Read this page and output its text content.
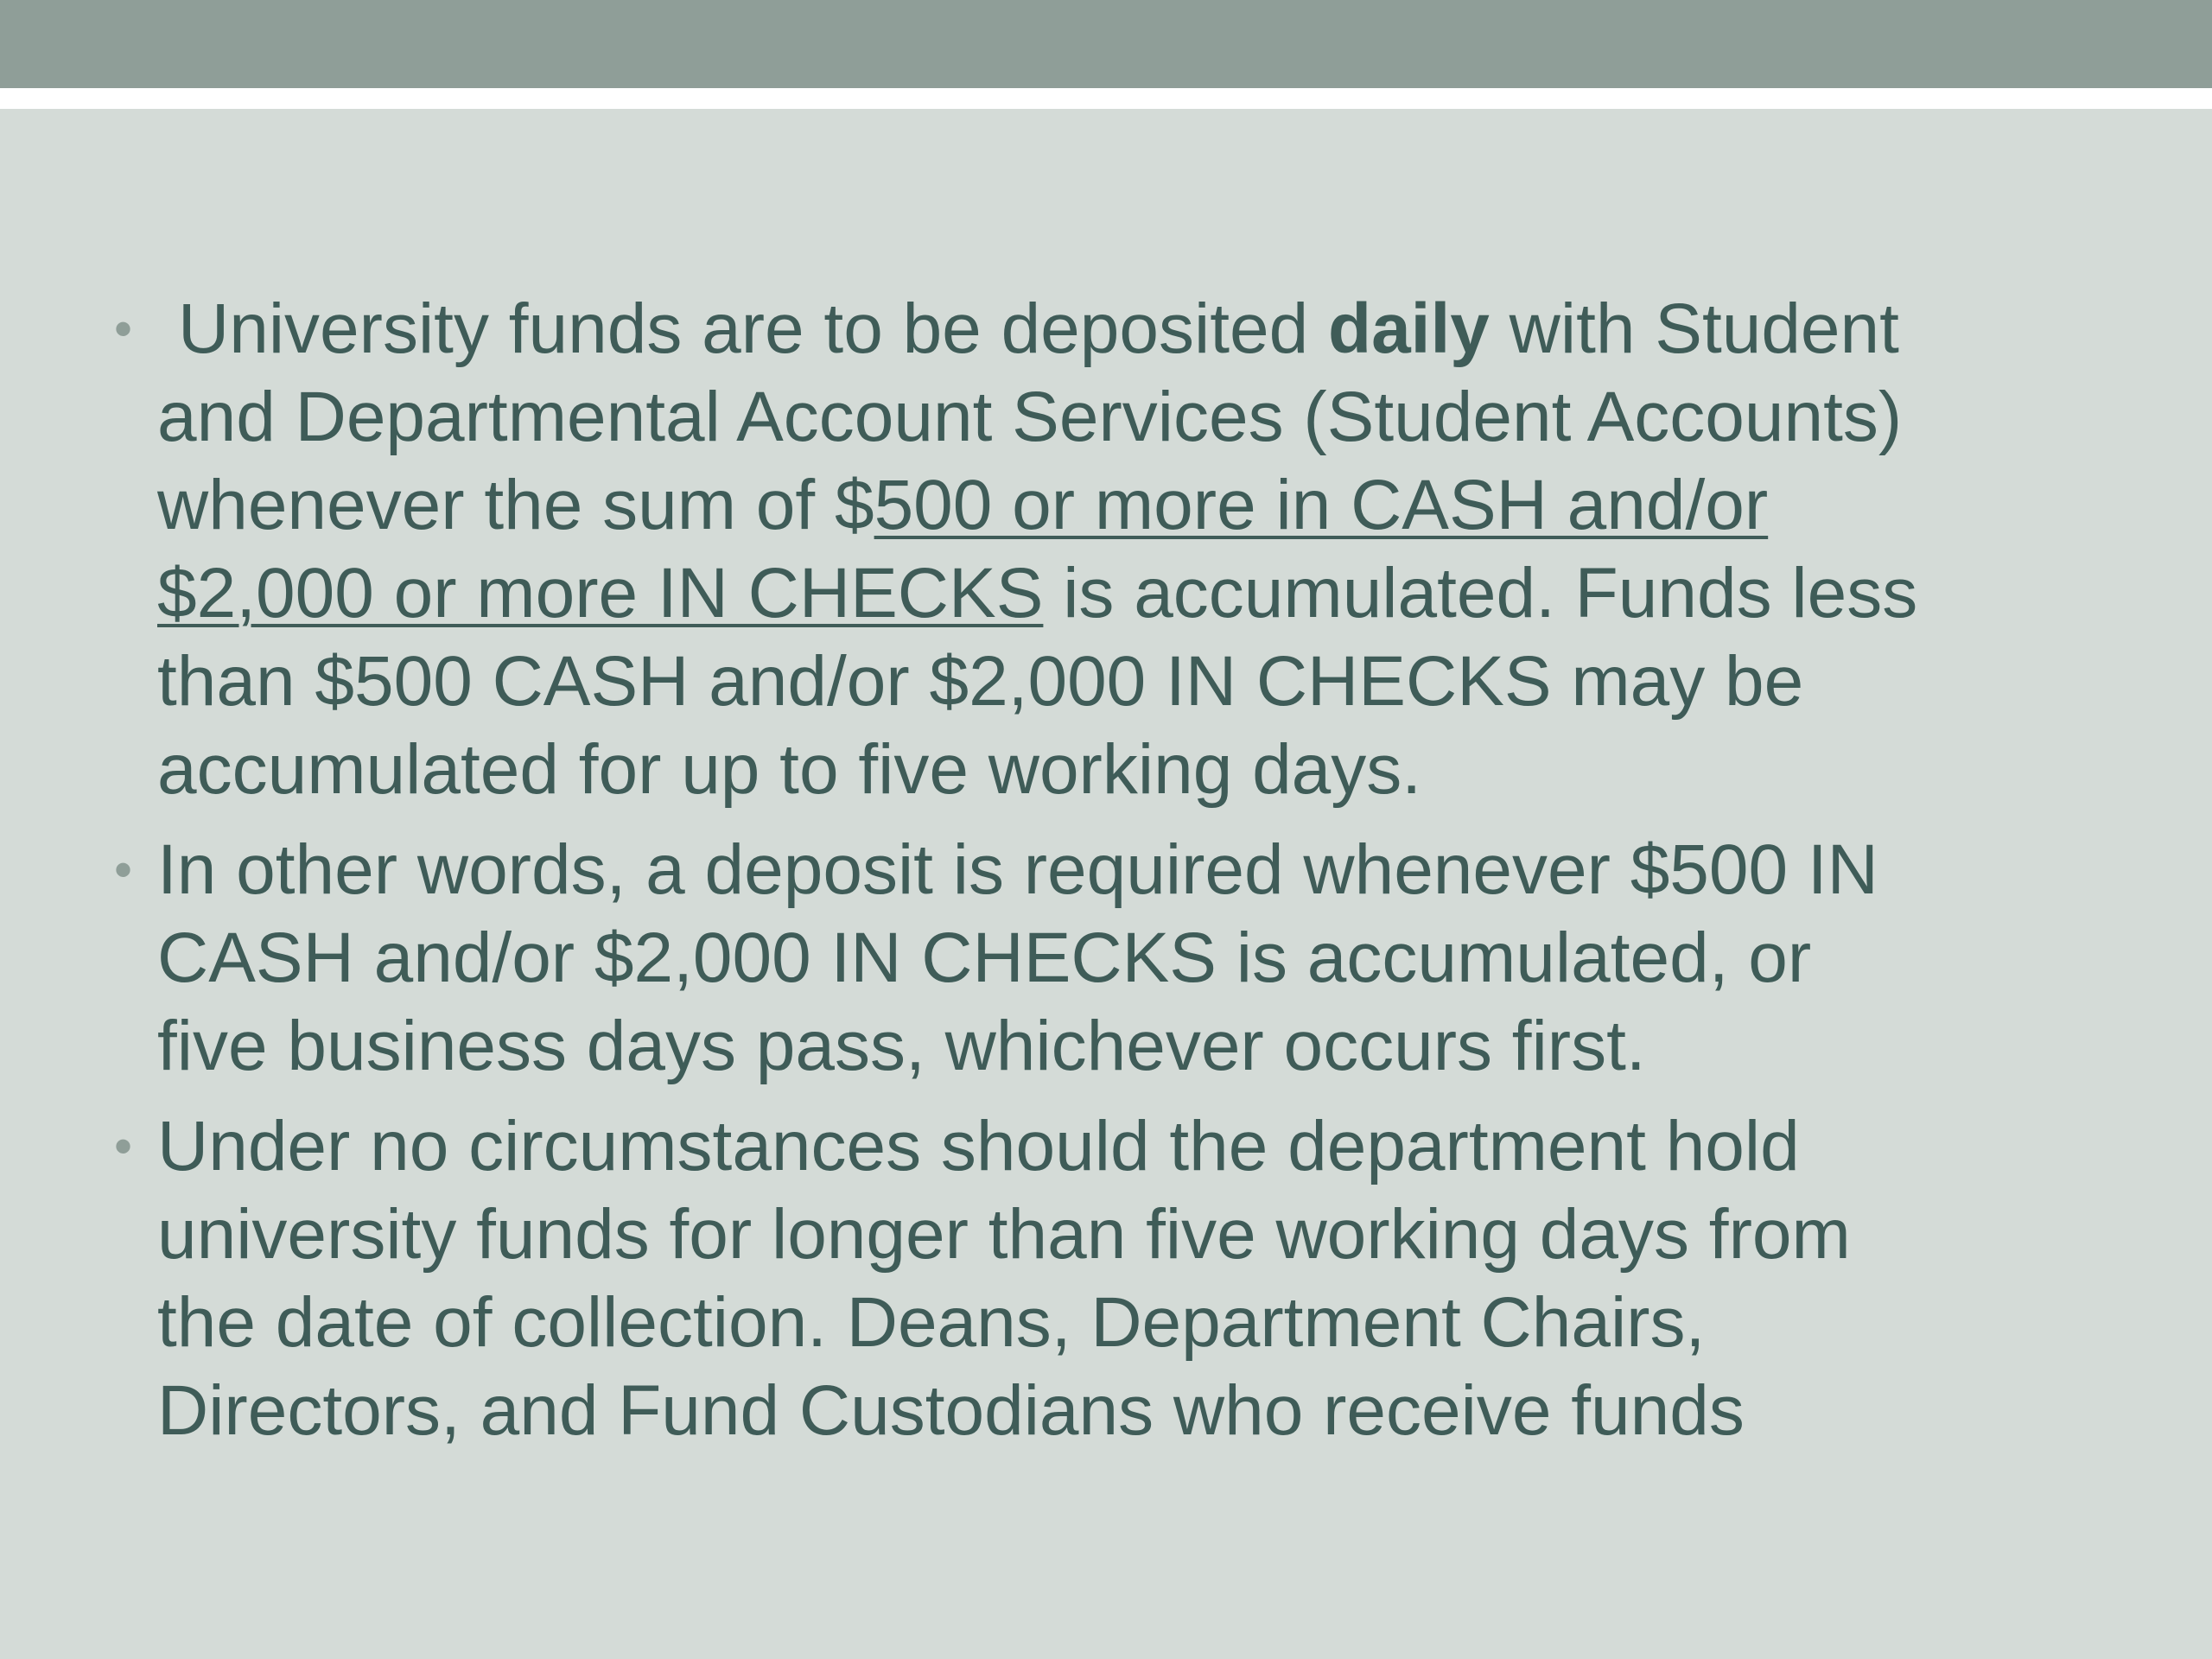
• University funds are to be deposited daily with Student and Departmental Account Services (Student Accounts) whenever the sum of $500 or more in CASH and/or $2,000 or more IN CHECKS is accumulated. Funds less than $500 CASH and/or $2,000 IN CHECKS may be accumulated for up to five working days.
• In other words, a deposit is required whenever $500 IN CASH and/or $2,000 IN CHECKS is accumulated, or five business days pass, whichever occurs first.
• Under no circumstances should the department hold university funds for longer than five working days from the date of collection. Deans, Department Chairs, Directors, and Fund Custodians who receive funds
